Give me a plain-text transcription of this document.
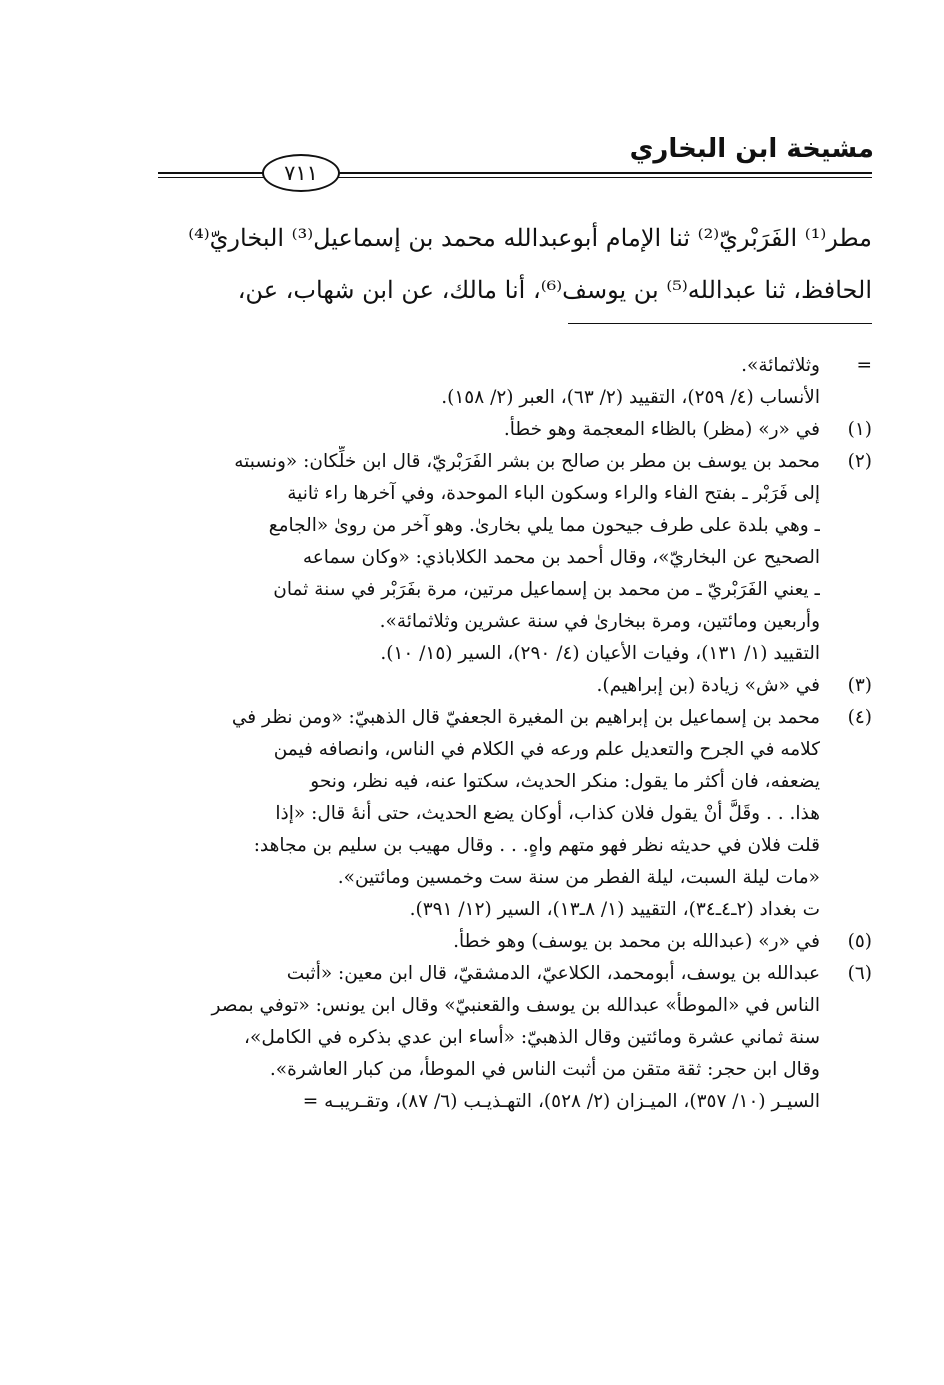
مشيخة ابن البخاري
٧١١
مطر⁽¹⁾ الفَرَبْريّ⁽²⁾ ثنا الإمام أبوعبدالله محمد بن إسماعيل⁽³⁾ البخاريّ⁽⁴⁾
الحافظ، ثنا عبدالله⁽⁵⁾ بن يوسف⁽⁶⁾، أنا مالك، عن ابن شهاب، عن،
=
وثلاثمائة».
الأنساب (٤/ ٢٥٩)، التقييد (٢/ ٦٣)، العبر (٢/ ١٥٨).
(١)
في «ر» (مظر) بالظاء المعجمة وهو خطأ.
(٢)
محمد بن يوسف بن مطر بن صالح بن بشر الفَرَبْريّ، قال ابن خلِّكان: «ونسبته
إلى فَرَبْر ـ بفتح الفاء والراء وسكون الباء الموحدة، وفي آخرها راء ثانية
ـ وهي بلدة على طرف جيحون مما يلي بخارىٰ. وهو آخر من روىٰ «الجامع
الصحيح عن البخاريّ»، وقال أحمد بن محمد الكلاباذي: «وكان سماعه
ـ يعني الفَرَبْريّ ـ من محمد بن إسماعيل مرتين، مرة بفَرَبْر في سنة ثمان
وأربعين ومائتين، ومرة ببخارىٰ في سنة عشرين وثلاثمائة».
التقييد (١/ ١٣١)، وفيات الأعيان (٤/ ٢٩٠)، السير (١٥/ ١٠).
(٣)
في «ش» زيادة (بن إبراهيم).
(٤)
محمد بن إسماعيل بن إبراهيم بن المغيرة الجعفيّ قال الذهبيّ: «ومن نظر في
كلامه في الجرح والتعديل علم ورعه في الكلام في الناس، وانصافه فيمن
يضعفه، فان أكثر ما يقول: منكر الحديث، سكتوا عنه، فيه نظر، ونحو
هذا. . . وقَلَّ أنْ يقول فلان كذاب، أوكان يضع الحديث، حتى أنهٔ قال: «إذا
قلت فلان في حديثه نظر فهو متهم واهٍ. . . وقال مهيب بن سليم بن مجاهد:
«مات ليلة السبت، ليلة الفطر من سنة ست وخمسين ومائتين».
ت بغداد (٢ـ٤ـ٣٤)، التقييد (١/ ٨ـ١٣)، السير (١٢/ ٣٩١).
(٥)
في «ر» (عبدالله بن محمد بن يوسف) وهو خطأ.
(٦)
عبدالله بن يوسف، أبومحمد، الكلاعيّ، الدمشقيّ، قال ابن معين: «أثبت
الناس في «الموطأ» عبدالله بن يوسف والقعنبيّ» وقال ابن يونس: «توفي بمصر
سنة ثماني عشرة ومائتين وقال الذهبيّ: «أساء ابن عدي بذكره في الكامل»،
وقال ابن حجر: ثقة متقن من أثبت الناس في الموطأ، من كبار العاشرة».
السيـر (١٠/ ٣٥٧)، الميـزان (٢/ ٥٢٨)، التهـذيـب (٦/ ٨٧)، وتقـريبـه =
